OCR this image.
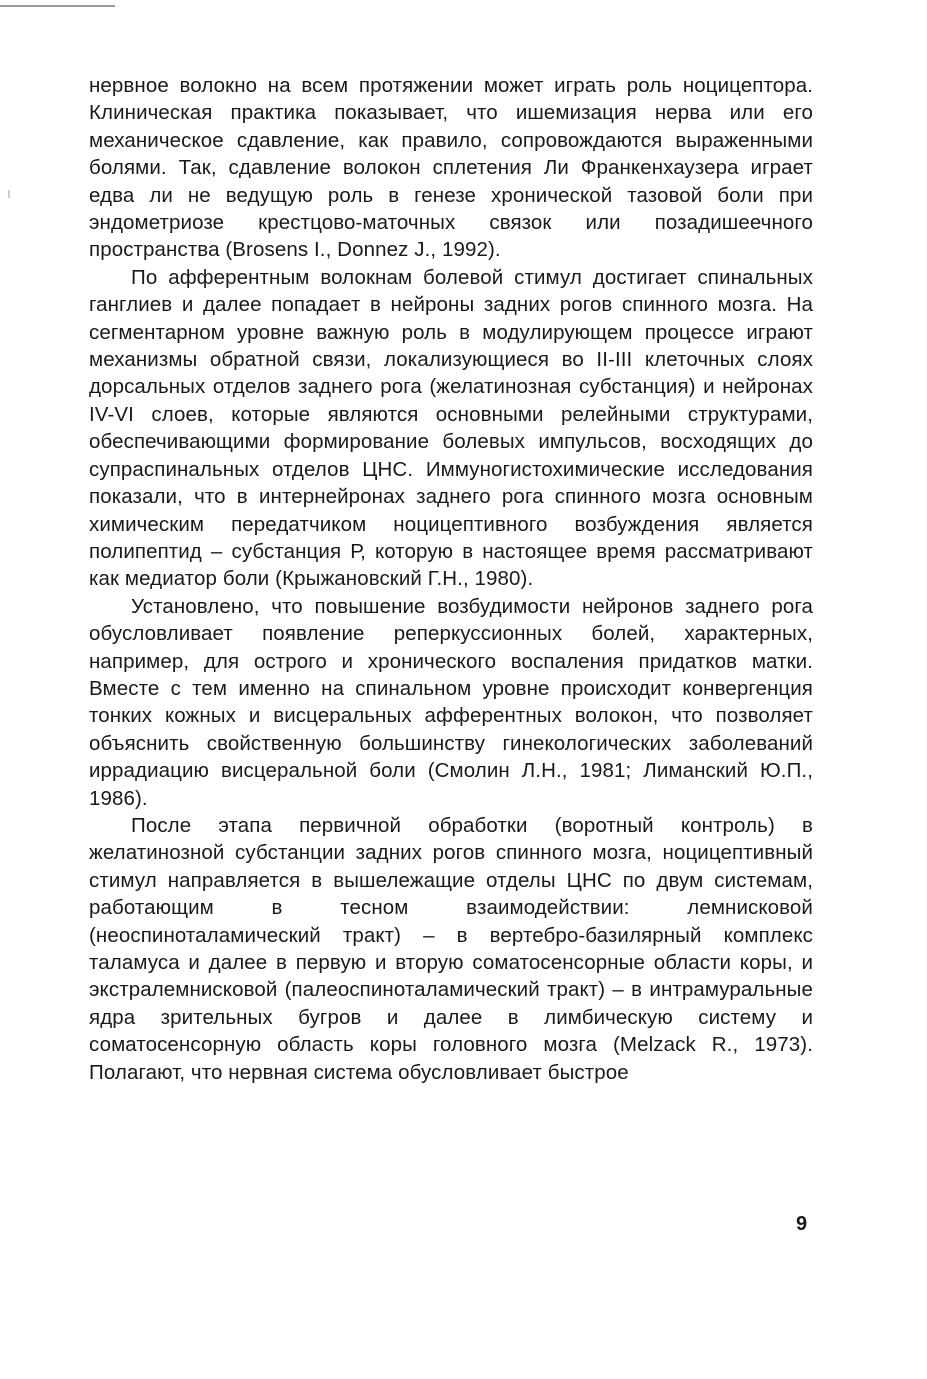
нервное волокно на всем протяжении может играть роль ноцицептора. Клиническая практика показывает, что ишемизация нерва или его механическое сдавление, как правило, сопровождаются выраженными болями. Так, сдавление волокон сплетения Ли Франкенхаузера играет едва ли не ведущую роль в генезе хронической тазовой боли при эндометриозе крестцово-маточных связок или позадишеечного пространства (Brosens I., Donnez J., 1992).

По афферентным волокнам болевой стимул достигает спинальных ганглиев и далее попадает в нейроны задних рогов спинного мозга. На сегментарном уровне важную роль в модулирующем процессе играют механизмы обратной связи, локализующиеся во II-III клеточных слоях дорсальных отделов заднего рога (желатинозная субстанция) и нейронах IV-VI слоев, которые являются основными релейными структурами, обеспечивающими формирование болевых импульсов, восходящих до супраспинальных отделов ЦНС. Иммуногистохимические исследования показали, что в интернейронах заднего рога спинного мозга основным химическим передатчиком ноцицептивного возбуждения является полипептид – субстанция Р, которую в настоящее время рассматривают как медиатор боли (Крыжановский Г.Н., 1980).

Установлено, что повышение возбудимости нейронов заднего рога обусловливает появление реперкуссионных болей, характерных, например, для острого и хронического воспаления придатков матки. Вместе с тем именно на спинальном уровне происходит конвергенция тонких кожных и висцеральных афферентных волокон, что позволяет объяснить свойственную большинству гинекологических заболеваний иррадиацию висцеральной боли (Смолин Л.Н., 1981; Лиманский Ю.П., 1986).

После этапа первичной обработки (воротный контроль) в желатинозной субстанции задних рогов спинного мозга, ноцицептивный стимул направляется в вышележащие отделы ЦНС по двум системам, работающим в тесном взаимодействии: лемнисковой (неоспиноталамический тракт) – в вертебро-базилярный комплекс таламуса и далее в первую и вторую соматосенсорные области коры, и экстралемнисковой (палеоспиноталамический тракт) – в интрамуральные ядра зрительных бугров и далее в лимбическую систему и соматосенсорную область коры головного мозга (Melzack R., 1973). Полагают, что нервная система обусловливает быстрое

9
